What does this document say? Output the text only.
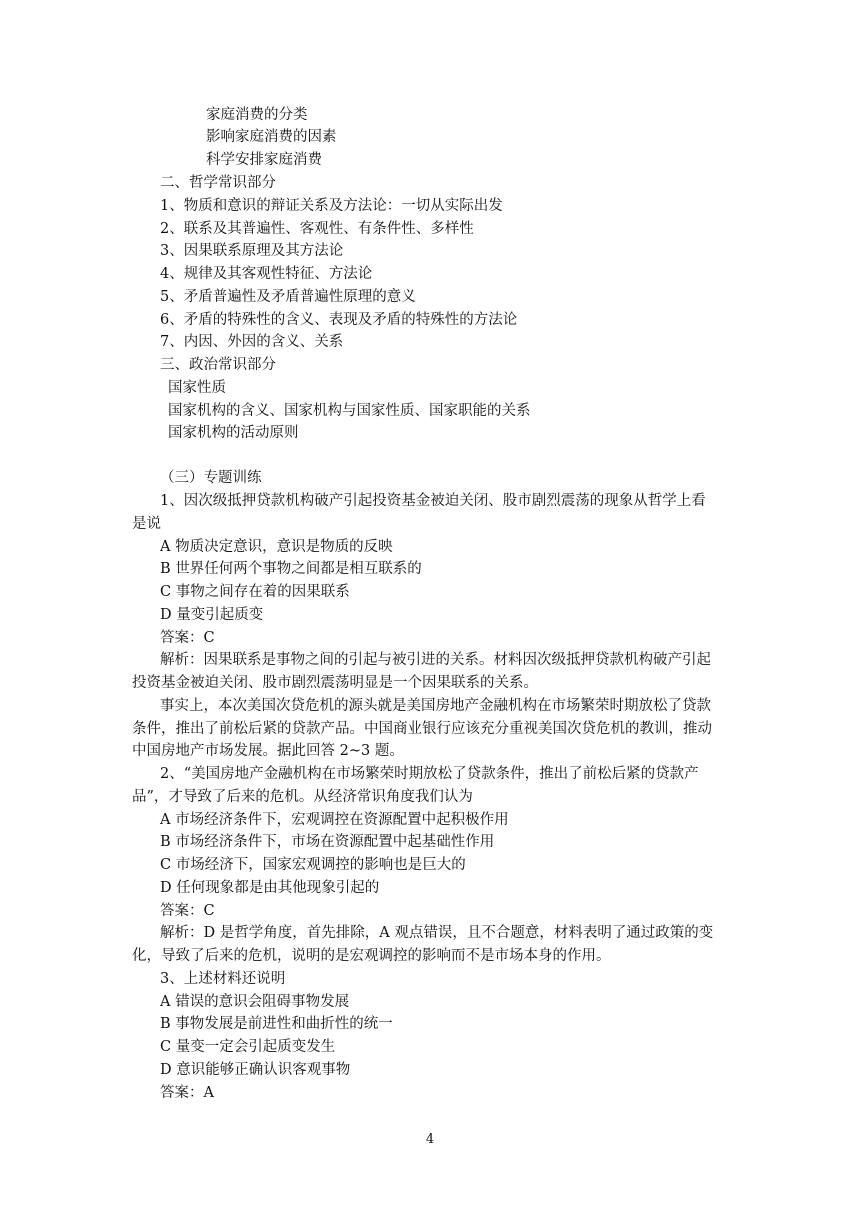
家庭消费的分类
影响家庭消费的因素
科学安排家庭消费
二、哲学常识部分
1、物质和意识的辩证关系及方法论：一切从实际出发
2、联系及其普遍性、客观性、有条件性、多样性
3、因果联系原理及其方法论
4、规律及其客观性特征、方法论
5、矛盾普遍性及矛盾普遍性原理的意义
6、矛盾的特殊性的含义、表现及矛盾的特殊性的方法论
7、内因、外因的含义、关系
三、政治常识部分
国家性质
国家机构的含义、国家机构与国家性质、国家职能的关系
国家机构的活动原则
（三）专题训练
1、因次级抵押贷款机构破产引起投资基金被迫关闭、股市剧烈震荡的现象从哲学上看
是说
A 物质决定意识，意识是物质的反映
B 世界任何两个事物之间都是相互联系的
C 事物之间存在着的因果联系
D 量变引起质变
答案：C
解析：因果联系是事物之间的引起与被引进的关系。材料因次级抵押贷款机构破产引起
投资基金被迫关闭、股市剧烈震荡明显是一个因果联系的关系。
事实上，本次美国次贷危机的源头就是美国房地产金融机构在市场繁荣时期放松了贷款
条件，推出了前松后紧的贷款产品。中国商业银行应该充分重视美国次贷危机的教训，推动
中国房地产市场发展。据此回答 2~3 题。
2、“美国房地产金融机构在市场繁荣时期放松了贷款条件，推出了前松后紧的贷款产
品”，才导致了后来的危机。从经济常识角度我们认为
A 市场经济条件下，宏观调控在资源配置中起积极作用
B 市场经济条件下，市场在资源配置中起基础性作用
C 市场经济下，国家宏观调控的影响也是巨大的
D 任何现象都是由其他现象引起的
答案：C
解析：D 是哲学角度，首先排除，A 观点错误，且不合题意，材料表明了通过政策的变
化，导致了后来的危机，说明的是宏观调控的影响而不是市场本身的作用。
3、上述材料还说明
A 错误的意识会阻碍事物发展
B 事物发展是前进性和曲折性的统一
C 量变一定会引起质变发生
D 意识能够正确认识客观事物
答案：A
4
